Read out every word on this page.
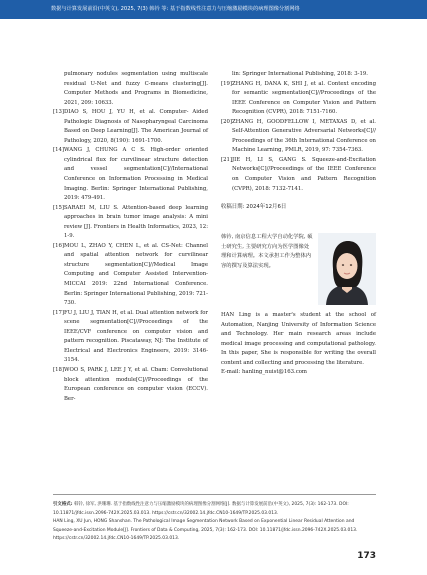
数据与计算发展前沿(中英文), 2025, 7(3) 韩钤 等: 基于指数线性注意力与压缩激励模块的病理图像分割网络
pulmonary nodules segmentation using multiscale residual U-Net and fuzzy C-means clustering[J]. Computer Methods and Programs in Biomedicine, 2021, 209: 10633.
[13] DIAO S, HOU J, YU H, et al. Computer- Aided Pathologic Diagnosis of Nasopharyngeal Carcinoma Based on Deep Learning[J]. The American Journal of Pathology, 2020, 8(190): 1691-1700.
[14] WANG J, CHUNG A C S. High-order oriented cylindrical flux for curvilinear structure detection and vessel segmentation[C]//International Conference on Information Processing in Medical Imaging. Berlin: Springer International Publishing, 2019: 479-491.
[15] SARAEI M, LIU S. Attention-based deep learning approaches in brain tumor image analysis: A mini review [J]. Frontiers in Health Informatics, 2023, 12: 1-9.
[16] MOU L, ZHAO Y, CHEN L, et al. CS-Net: Channel and spatial attention network for curvilinear structure segmentation[C]//Medical Image Computing and Computer Assisted Intervention-MICCAI 2019: 22nd International Conference. Berlin: Springer International Publishing, 2019: 721-730.
[17] FU J, LIU J, TIAN H, et al. Dual attention network for scene segmentation[C]//Proceedings of the IEEE/CVF conference on computer vision and pattern recognition. Piscataway, NJ: The Institute of Electrical and Electronics Engineers, 2019: 3146-3154.
[18] WOO S, PARK J, LEE J Y, et al. Cbam: Convolutional block attention module[C]//Proceedings of the European conference on computer vision (ECCV). Ber-
lin: Springer International Publishing, 2018: 3-19.
[19] ZHANG H, DANA K, SHI J, et al. Context encoding for semantic segmentation[C]//Proceedings of the IEEE Conference on Computer Vision and Pattern Recognition (CVPR), 2018: 7151-7160.
[20] ZHANG H, GOODFELLOW I, METAXAS D, et al. Self-Attention Generative Adversarial Networks[C]// Proceedings of the 36th International Conference on Machine Learning, PMLR, 2019, 97: 7354-7363.
[21] JIE H, LI S, GANG S. Squeeze-and-Excitation Networks[C]//Proceedings of the IEEE Conference on Computer Vision and Pattern Recognition (CVPR), 2018: 7132-7141.
收稿日期: 2024年12月6日
韩钤, 南京信息工程大学自动化学院, 硕士研究生, 主要研究方向为医学图像处理和计算病理。本文承担工作为整体内容的撰写及算法实现。
HAN Ling is a master's student at the school of Automation, Nanjing University of Information Science and Technology. Her main research areas include medical image processing and computational pathology. In this paper, She is responsible for writing the overall content and collecting and processing the literature.
E-mail: hanling_nuist@163.com
引文格式: 韩钤, 徐军, 洪珊珊. 基于指数线性注意力与压缩激励模块的病理图像分割网络[J]. 数据与计算发展前沿(中英文), 2025, 7(3): 162-173. DOI: 10.11871/jfdc.issn.2096-742X.2025.03.013. https://cstr.cn/32002.14.jfdc.CN10-1649/TP.2025.03.013.
HAN Ling, XU Jun, HONG Shanshan. The Pathological Image Segmentation Network Based on Exponential Linear Residual Attention and Squeeze-and-Excitation Module[J]. Frontiers of Data & Computing, 2025, 7(3): 162-173. DOI: 10.11871/jfdc.issn.2096-742X.2025.03.013. https://cstr.cn/32002.14.jfdc.CN10-1649/TP.2025.03.013.
173
